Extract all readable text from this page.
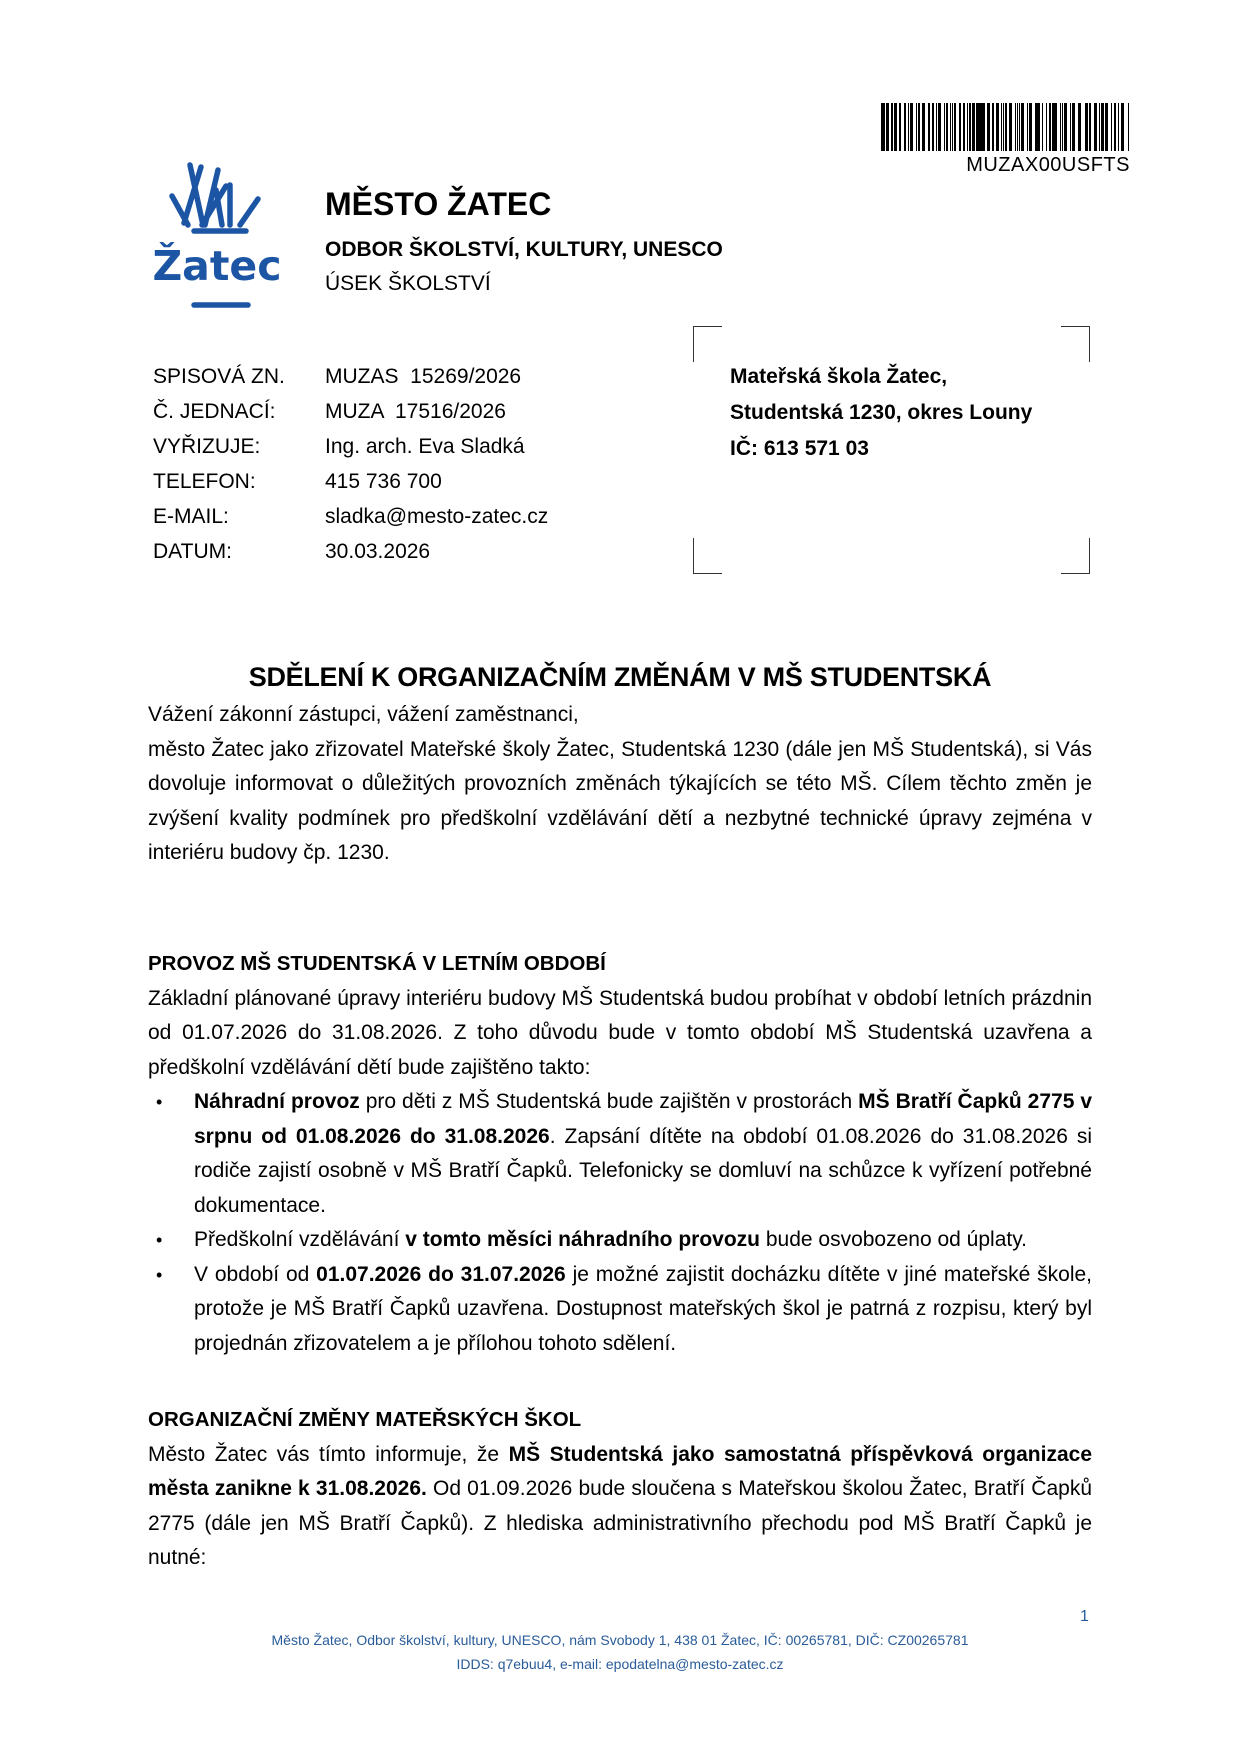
MUZAX00USFTS
Žatec
MĚSTO ŽATEC
ODBOR ŠKOLSTVÍ, KULTURY, UNESCO
ÚSEK ŠKOLSTVÍ
SPISOVÁ ZN.	MUZAS  15269/2026
Č. JEDNACÍ:	MUZA  17516/2026
VYŘIZUJE:	Ing. arch. Eva Sladká
TELEFON:	415 736 700
E-MAIL:	sladka@mesto-zatec.cz
DATUM:	30.03.2026
Mateřská škola Žatec,
Studentská 1230, okres Louny
IČ: 613 571 03
SDĚLENÍ K ORGANIZAČNÍM ZMĚNÁM V MŠ STUDENTSKÁ
Vážení zákonní zástupci, vážení zaměstnanci,
město Žatec jako zřizovatel Mateřské školy Žatec, Studentská 1230 (dále jen MŠ Studentská), si Vás dovoluje informovat o důležitých provozních změnách týkajících se této MŠ. Cílem těchto změn je zvýšení kvality podmínek pro předškolní vzdělávání dětí a nezbytné technické úpravy zejména v interiéru budovy čp. 1230.
PROVOZ MŠ STUDENTSKÁ V LETNÍM OBDOBÍ
Základní plánované úpravy interiéru budovy MŠ Studentská budou probíhat v období letních prázdnin od 01.07.2026 do 31.08.2026. Z toho důvodu bude v tomto období MŠ Studentská uzavřena a předškolní vzdělávání dětí bude zajištěno takto:
• Náhradní provoz pro děti z MŠ Studentská bude zajištěn v prostorách MŠ Bratří Čapků 2775 v srpnu od 01.08.2026 do 31.08.2026. Zapsání dítěte na období 01.08.2026 do 31.08.2026 si rodiče zajistí osobně v MŠ Bratří Čapků. Telefonicky se domluví na schůzce k vyřízení potřebné dokumentace.
• Předškolní vzdělávání v tomto měsíci náhradního provozu bude osvobozeno od úplaty.
• V období od 01.07.2026 do 31.07.2026 je možné zajistit docházku dítěte v jiné mateřské škole, protože je MŠ Bratří Čapků uzavřena. Dostupnost mateřských škol je patrná z rozpisu, který byl projednán zřizovatelem a je přílohou tohoto sdělení.
ORGANIZAČNÍ ZMĚNY MATEŘSKÝCH ŠKOL
Město Žatec vás tímto informuje, že MŠ Studentská jako samostatná příspěvková organizace města zanikne k 31.08.2026. Od 01.09.2026 bude sloučena s Mateřskou školou Žatec, Bratří Čapků 2775 (dále jen MŠ Bratří Čapků). Z hlediska administrativního přechodu pod MŠ Bratří Čapků je nutné:
1
Město Žatec, Odbor školství, kultury, UNESCO, nám Svobody 1, 438 01 Žatec, IČ: 00265781, DIČ: CZ00265781
IDDS: q7ebuu4, e-mail: epodatelna@mesto-zatec.cz
